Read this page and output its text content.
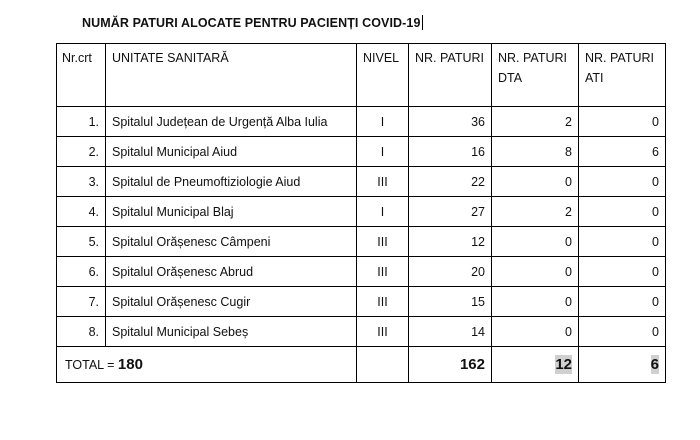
NUMĂR PATURI ALOCATE PENTRU PACIENȚI COVID-19
Nr.crt	UNITATE SANITARĂ	NIVEL	NR. PATURI	NR. PATURI DTA	NR. PATURI ATI
1.	Spitalul Județean de Urgență Alba Iulia	I	36	2	0
2.	Spitalul Municipal Aiud	I	16	8	6
3.	Spitalul de Pneumoftiziologie Aiud	III	22	0	0
4.	Spitalul Municipal Blaj	I	27	2	0
5.	Spitalul Orășenesc Câmpeni	III	12	0	0
6.	Spitalul Orășenesc Abrud	III	20	0	0
7.	Spitalul Orășenesc Cugir	III	15	0	0
8.	Spitalul Municipal Sebeș	III	14	0	0
TOTAL = 180			162	12	6
